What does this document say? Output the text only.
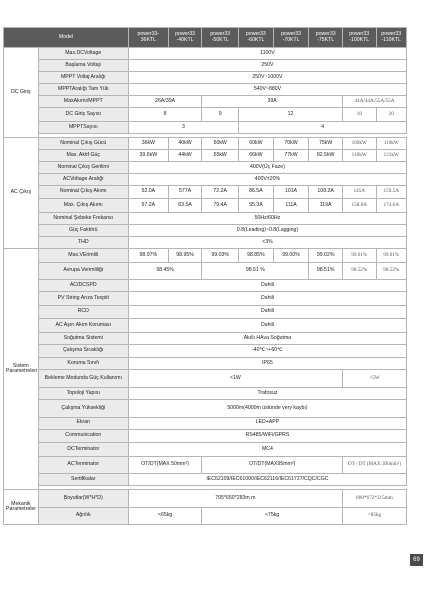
Model		power33-36KTL	power33 -40KTL	power33 -50KTL	power33 -60KTL	power33 -70KTL	power33 -75KTL	power33 -100KTL	power33 -110KTL
DC Giriş	Max.DCVoltage	1100V							
	Başlama Voltajı	250V							
	MPPT Voltaj Aralığı	250V~1000V							
	MPPTAralığı Tam Yük	540V~880V							
	MaxAkımı/MPPT	26A/39A		39A				44A/44A/55A/55A	
	DC Giriş Sayısı	8		9	12			18	20
	MPPTSayısı	3			4				

AC Çıkış	Nominal Çıkış Gücü	36kW	40kW	50kW	60kW	70kW	75kW	100kW	110kW
	Max. Aktif Güç	39.6kW	44kW	55kW	66kW	77kW	82.5kW	110kW	121kW
	Nominal Çıkış Gerilimi	400V(Üç Faze)							
	ACVoltage Aralığı	400V±20%							
	Nominal Çıkış Akımı	52.0A	577A	72.2A	86.5A	101A	108.2A	145A	159.5A
	Max. Çıkış Akımı	57.2A	63.5A	79.4A	95.3A	111A	119A	158.8A	174.6A
	Nominal Şebeke Frekansı	50Hz/60Hz							
	Güç Faktörü	0.8(Leading)~0.8(Lagging)							
	THD	<3%							
Sistem Parametreleri	Max.VErimlili	98.97%	98.95%	99.03%	98.85%	99.00%	99.02%	99.01%	99.01%
	Avrupa Verimliliği	98.45%		98.51 %			98.51%	98.52%	98.52%
	AC/DCSPD	Dahili							
	PV String Arıza Tespiti	Dahili							
	RCD	Dahili							
	AC Aşırı Akım Koruması	Dahili							
	Soğutma Sistemi	Akıllı HAva Soğutma							
	Çalışma Sıcaklığı	-40℃~+60℃							
	Koruma Sınıfı	IP65							
	Bekleme Modunda Güç Kullanımı	<1W						<5W	
	Topoloji Yapısı	Trafosuz							
	Çalışma Yüksekliği	5000m(4000m üstünde very kaybı)							
	Ekran	LED+APP							
	Communication	RS485/WiFi/GPRS							
	DCTerminator	MC4							
	ACTerminator	OT/DT(MAX 50mm²)		OT/DT(MAX95mm²)				OT / DT (MAX 300mm²)	
	Sertifikalar	IEC62109/IEC61000/IEC62116/IEC61727/CQC/CGC							

Mekanik Parametreler	Boyutlar(W*H*D)	705*650*283m m						800*672*315mm	
	Ağırlık	<65kg		<75kg				<85kg	
69
